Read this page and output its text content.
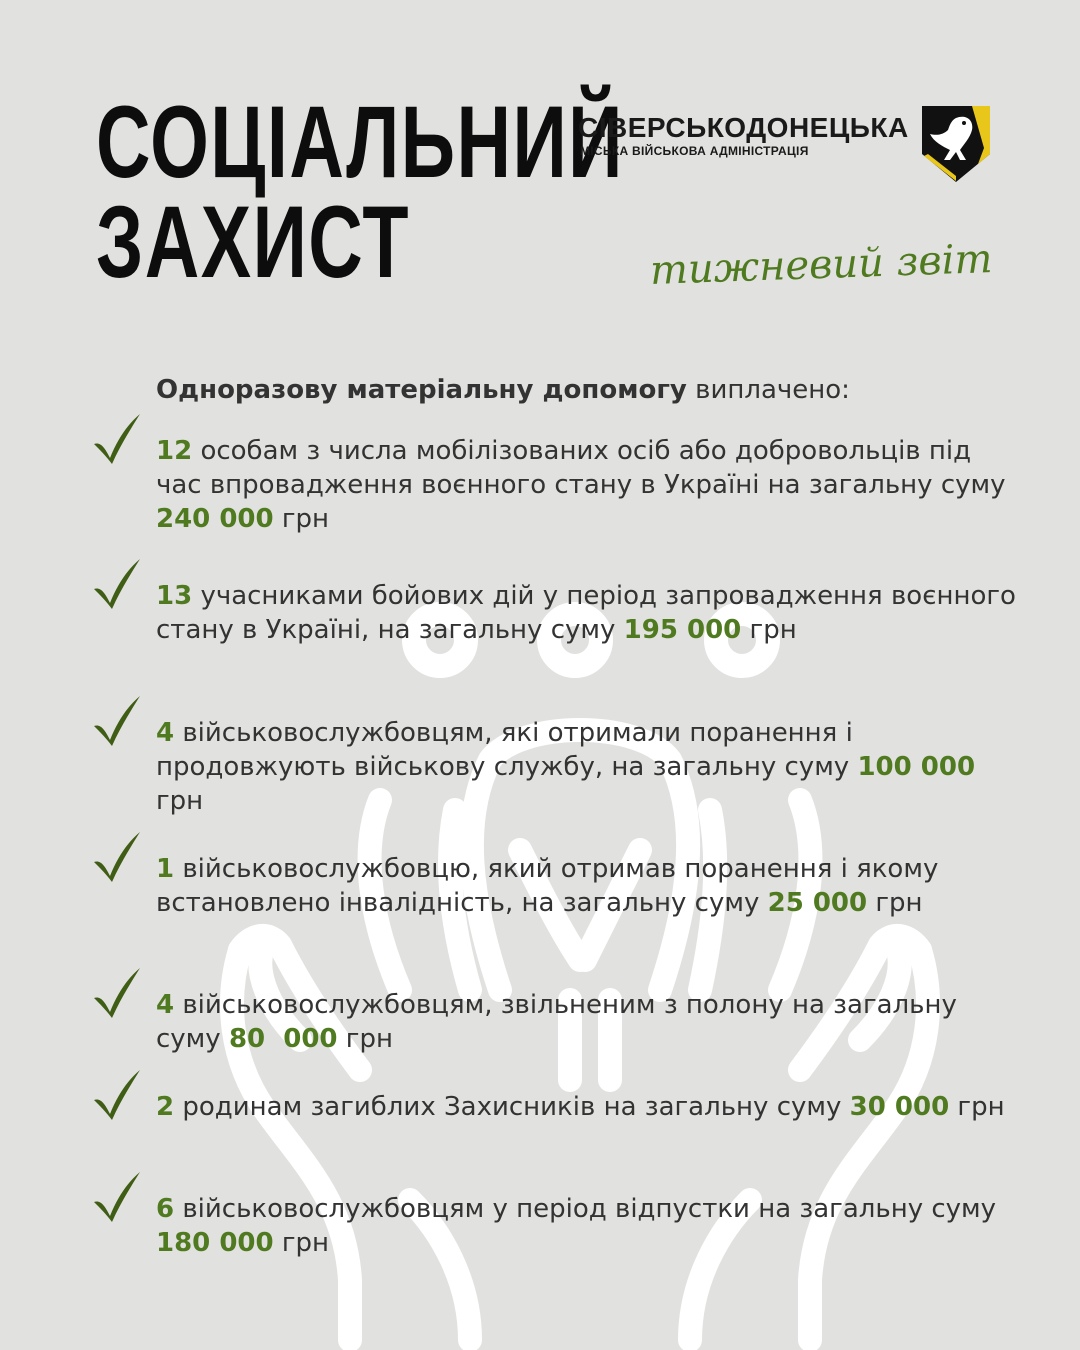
СОЦІАЛЬНИЙ
ЗАХИСТ
СІВЕРСЬКОДОНЕЦЬКА
МІСЬКА ВІЙСЬКОВА АДМІНІСТРАЦІЯ
тижневий звіт

Одноразову матеріальну допомогу виплачено:

12 особам з числа мобілізованих осіб або добровольців під час впровадження воєнного стану в Україні на загальну суму 240 000 грн

13 учасниками бойових дій у період запровадження воєнного стану в Україні, на загальну суму 195 000 грн

4 військовослужбовцям, які отримали поранення і продовжують військову службу, на загальну суму 100 000 грн

1 військовослужбовцю, який отримав поранення і якому встановлено інвалідність, на загальну суму 25 000 грн

4 військовослужбовцям, звільненим з полону на загальну суму 80  000 грн

2 родинам загиблих Захисників на загальну суму 30 000 грн

6 військовослужбовцям у період відпустки на загальну суму 180 000 грн
